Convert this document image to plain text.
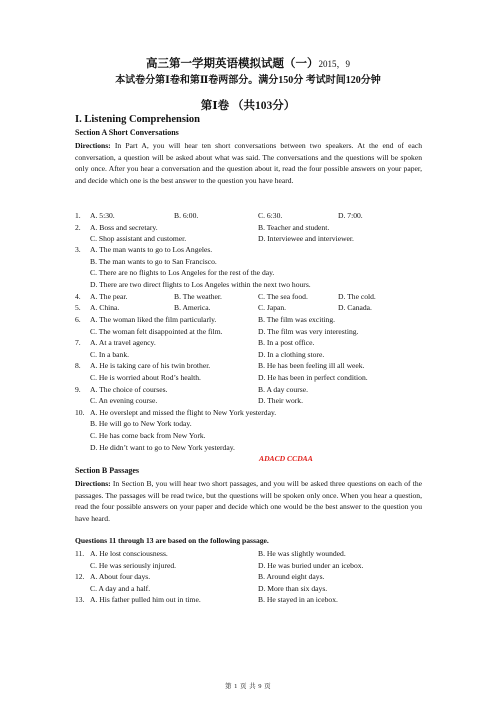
高三第一学期英语模拟试题（一）2015，9
本试卷分第Ⅰ卷和第Ⅱ卷两部分。满分150分 考试时间120分钟
第Ⅰ卷 （共103分）
I. Listening Comprehension
Section A Short Conversations
Directions: In Part A, you will hear ten short conversations between two speakers. At the end of each conversation, a question will be asked about what was said. The conversations and the questions will be spoken only once. After you hear a conversation and the question about it, read the four possible answers on your paper, and decide which one is the best answer to the question you have heard.
1. A. 5:30.	B. 6:00.	C. 6:30.	D. 7:00.
2. A. Boss and secretary.	B. Teacher and student.
C. Shop assistant and customer.	D. Interviewee and interviewer.
3. A. The man wants to go to Los Angeles.
B. The man wants to go to San Francisco.
C. There are no flights to Los Angeles for the rest of the day.
D. There are two direct flights to Los Angeles within the next two hours.
4. A. The pear.	B. The weather.	C. The sea food.	D. The cold.
5. A. China.	B. America.	C. Japan.	D. Canada.
6. A. The woman liked the film particularly.	B. The film was exciting.
C. The woman felt disappointed at the film.	D. The film was very interesting.
7. A. At a travel agency.	B. In a post office.
C. In a bank.	D. In a clothing store.
8. A. He is taking care of his twin brother.	B. He has been feeling ill all week.
C. He is worried about Rod’s health.	D. He has been in perfect condition.
9. A. The choice of courses.	B. A day course.
C. An evening course.	D. Their work.
10. A. He overslept and missed the flight to New York yesterday.
B. He will go to New York today.
C. He has come back from New York.
D. He didn’t want to go to New York yesterday.
ADACD CCDAA
Section B Passages
Directions: In Section B, you will hear two short passages, and you will be asked three questions on each of the passages. The passages will be read twice, but the questions will be spoken only once. When you hear a question, read the four possible answers on your paper and decide which one would be the best answer to the question you have heard.
Questions 11 through 13 are based on the following passage.
11. A. He lost consciousness.	B. He was slightly wounded.
C. He was seriously injured.	D. He was buried under an icebox.
12. A. About four days.	B. Around eight days.
C. A day and a half.	D. More than six days.
13. A. His father pulled him out in time.	B. He stayed in an icebox.
第 1 页 共 9 页
